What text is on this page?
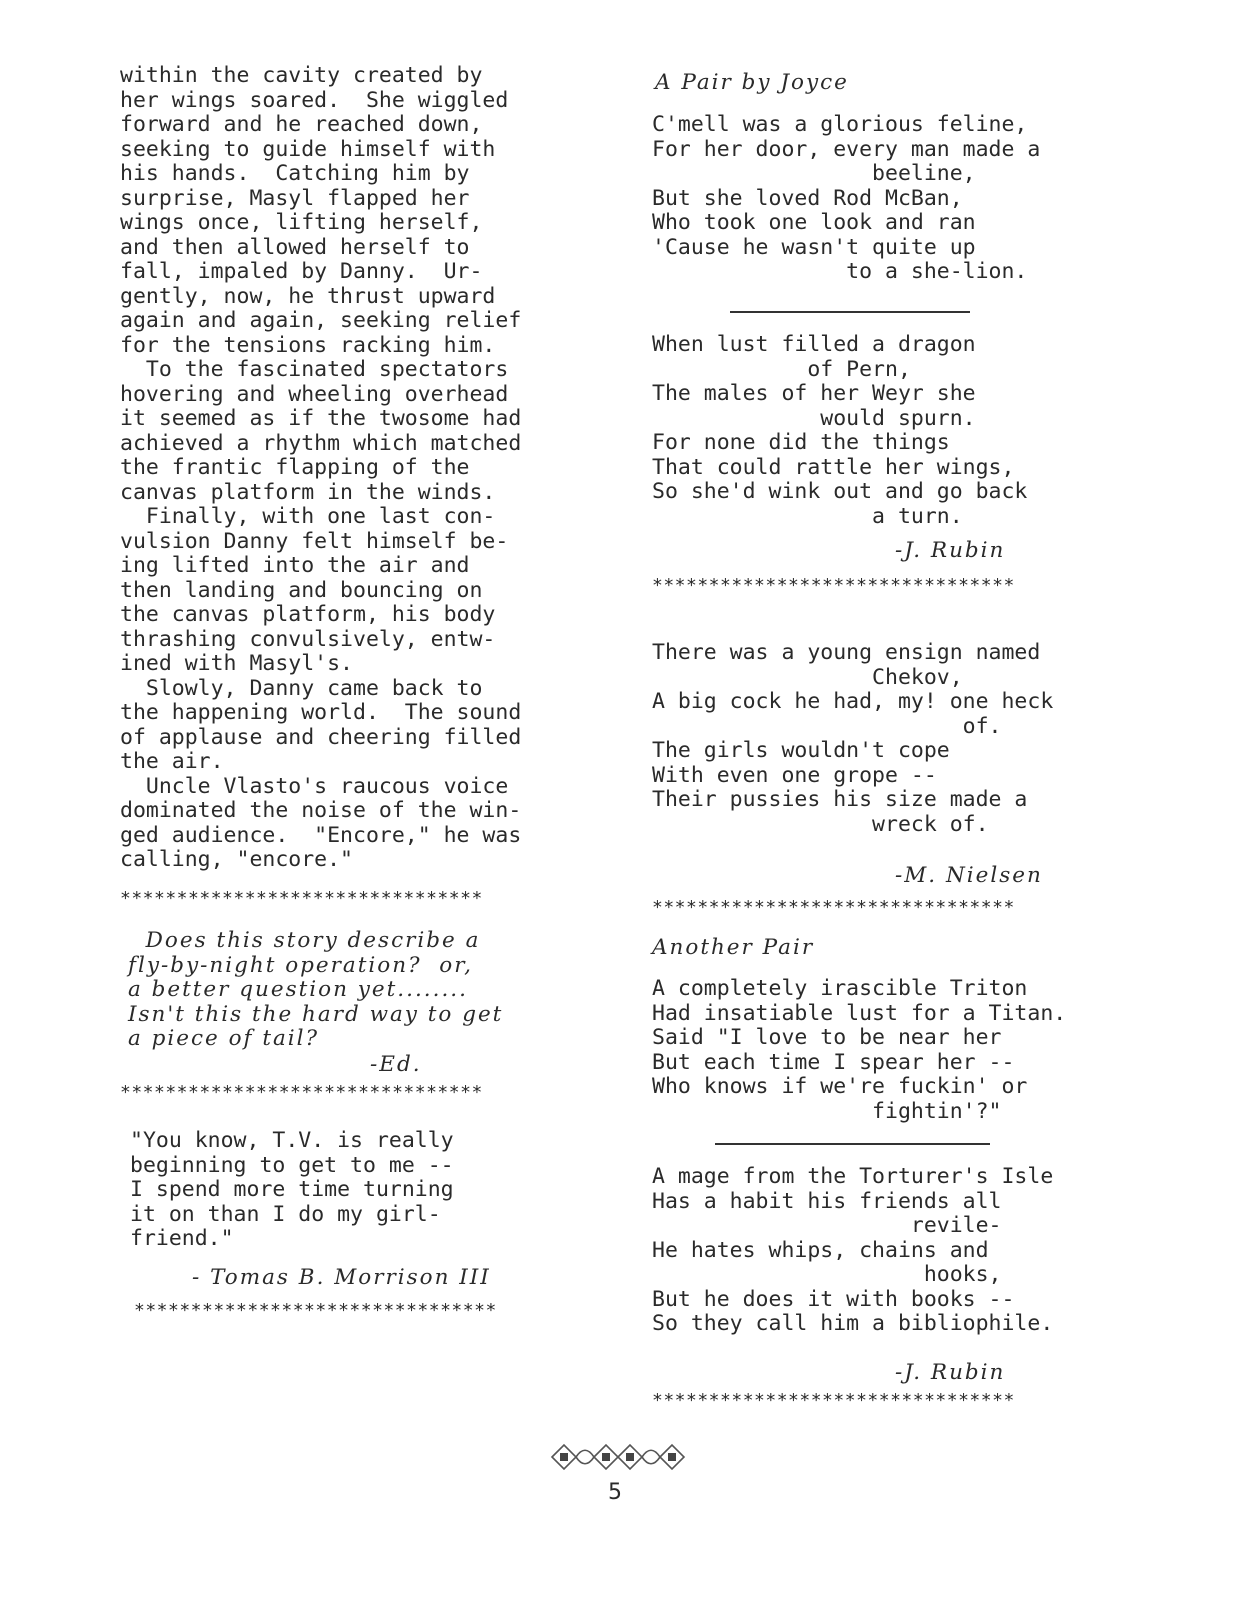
within the cavity created by
her wings soared.  She wiggled
forward and he reached down,
seeking to guide himself with
his hands.  Catching him by
surprise, Masyl flapped her
wings once, lifting herself,
and then allowed herself to
fall, impaled by Danny.  Ur-
gently, now, he thrust upward
again and again, seeking relief
for the tensions racking him.
To the fascinated spectators
hovering and wheeling overhead
it seemed as if the twosome had
achieved a rhythm which matched
the frantic flapping of the
canvas platform in the winds.
Finally, with one last con-
vulsion Danny felt himself be-
ing lifted into the air and
then landing and bouncing on
the canvas platform, his body
thrashing convulsively, entw-
ined with Masyl's.
Slowly, Danny came back to
the happening world.  The sound
of applause and cheering filled
the air.
Uncle Vlasto's raucous voice
dominated the noise of the win-
ged audience.  "Encore," he was
calling, "encore."
********************************
Does this story describe a
fly-by-night operation?  or,
a better question yet........
Isn't this the hard way to get
a piece of tail?
-Ed.
********************************
"You know, T.V. is really
beginning to get to me --
I spend more time turning
it on than I do my girl-
friend."
- Tomas B. Morrison III
********************************
A Pair by Joyce
C'mell was a glorious feline,
For her door, every man made a
beeline,
But she loved Rod McBan,
Who took one look and ran
'Cause he wasn't quite up
to a she-lion.
When lust filled a dragon
of Pern,
The males of her Weyr she
would spurn.
For none did the things
That could rattle her wings,
So she'd wink out and go back
a turn.
-J. Rubin
********************************
There was a young ensign named
Chekov,
A big cock he had, my! one heck
of.
The girls wouldn't cope
With even one grope --
Their pussies his size made a
wreck of.
-M. Nielsen
********************************
Another Pair
A completely irascible Triton
Had insatiable lust for a Titan.
Said "I love to be near her
But each time I spear her --
Who knows if we're fuckin' or
fightin'?"
A mage from the Torturer's Isle
Has a habit his friends all
revile-
He hates whips, chains and
hooks,
But he does it with books --
So they call him a bibliophile.
-J. Rubin
********************************
5
